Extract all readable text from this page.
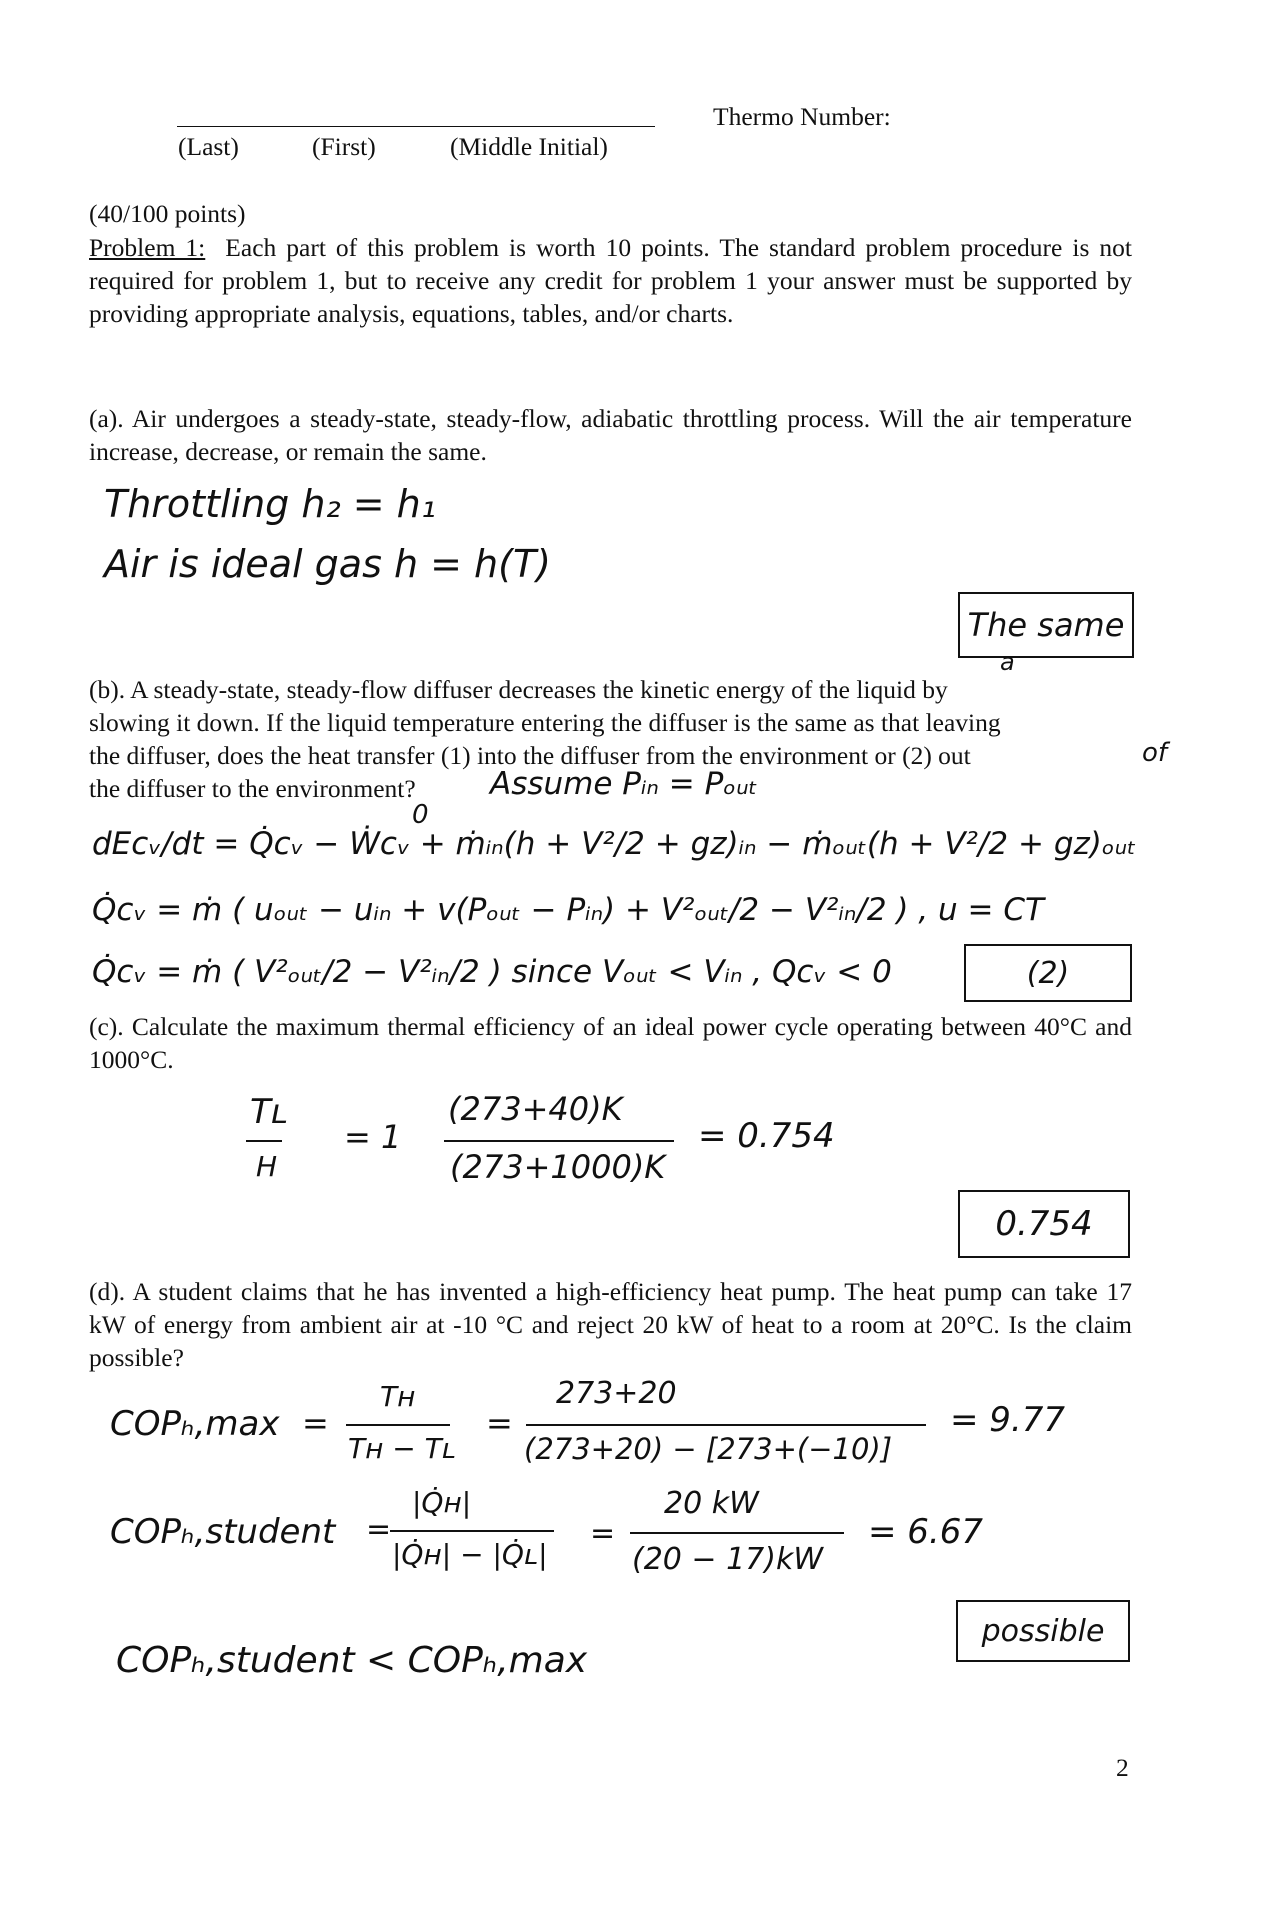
(Last)	(First)	(Middle Initial)
Thermo Number:
(40/100 points)
Problem 1: Each part of this problem is worth 10 points. The standard problem procedure is not required for problem 1, but to receive any credit for problem 1 your answer must be supported by providing appropriate analysis, equations, tables, and/or charts.
(a). Air undergoes a steady-state, steady-flow, adiabatic throttling process. Will the air temperature increase, decrease, or remain the same.
Throttling h₂ = h₁
Air is ideal gas h = h(T)
The same
(b). A steady-state, steady-flow diffuser decreases the kinetic energy of the liquid by
a
slowing it down. If the liquid temperature entering the diffuser is the same as that leaving
the diffuser, does the heat transfer (1) into the diffuser from the environment or (2) out	of
the diffuser to the environment? Assume Pᵢₙ = Pₒᵤₜ
0
dEᴄᵥ/dt = Q̇ᴄᵥ − Ẇᴄᵥ + ṁᵢₙ(h + V²/2 + gz)ᵢₙ − ṁₒᵤₜ(h + V²/2 + gz)ₒᵤₜ
Q̇ᴄᵥ = ṁ ( uₒᵤₜ − uᵢₙ + v(Pₒᵤₜ − Pᵢₙ) + V²ₒᵤₜ/2 − V²ᵢₙ/2 ) , u = CT
Q̇ᴄᵥ = ṁ ( V²ₒᵤₜ/2 − V²ᵢₙ/2 ) since Vₒᵤₜ < Vᵢₙ , Qᴄᵥ < 0	(2)
(c). Calculate the maximum thermal efficiency of an ideal power cycle operating between 40°C and 1000°C.
Tʟ
H
= 1
(273+40)K
(273+1000)K
= 0.754
0.754
(d). A student claims that he has invented a high-efficiency heat pump. The heat pump can take 17 kW of energy from ambient air at -10 °C and reject 20 kW of heat to a room at 20°C. Is the claim possible?
COPₕ,max =
Tʜ
Tʜ − Tʟ
=
273+20
(273+20) − [273+(−10)]
= 9.77
COPₕ,student =
|Q̇ʜ|
|Q̇ʜ| − |Q̇ʟ|
=
20 kW
(20 − 17)kW
= 6.67
possible
COPₕ,student < COPₕ,max
2
